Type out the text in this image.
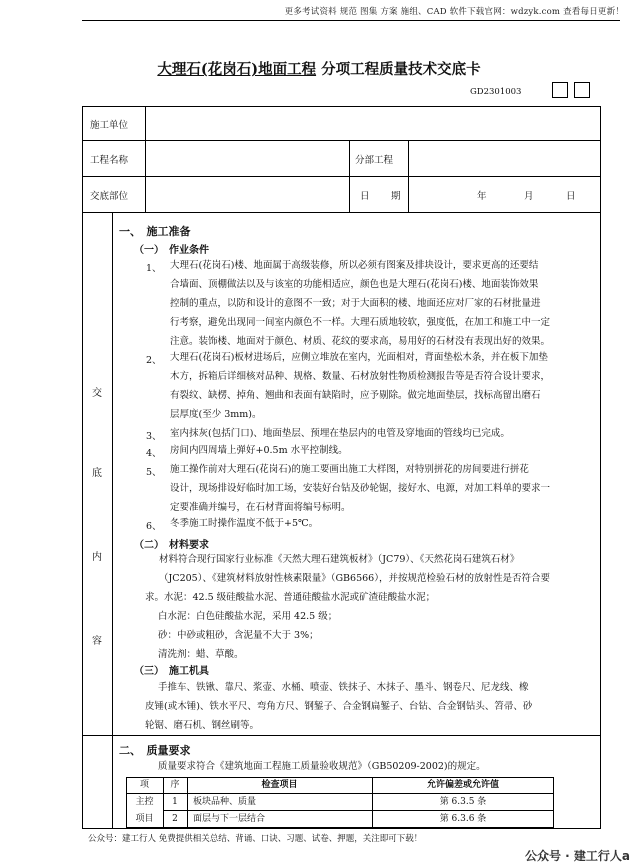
更多考试资料 规范 图集 方案 施组、CAD 软件下载官网：wdzyk.com 查看每日更新！
大理石(花岗石)地面工程 分项工程质量技术交底卡
GD2301003
施工单位
工程名称	分部工程
交底部位	日 期	年	月	日
交
底
内
容
一、　施工准备
（一）　作业条件
1、 大理石(花岗石)楼、地面属于高级装修，所以必须有图案及排块设计，要求更高的还要结
合墙面、顶棚做法以及与该室的功能相适应，颜色也是大理石(花岗石)楼、地面装饰效果
控制的重点，以防和设计的意图不一致；对于大面积的楼、地面还应对厂家的石材批量进
行考察，避免出现同一间室内颜色不一样。大理石质地较软，强度低，在加工和施工中一定
注意。装饰楼、地面对于颜色、材质、花纹的要求高，易用好的石材没有表现出好的效果。
2、 大理石(花岗石)板材进场后，应侧立堆放在室内，光面相对，背面垫松木条，并在板下加垫
木方，拆箱后详细核对品种、规格、数量、石材放射性物质检测报告等是否符合设计要求，
有裂纹、缺楞、掉角、翘曲和表面有缺陷时，应予剔除。做完地面垫层，找标高留出磨石
层厚度(至少 3mm)。
3、 室内抹灰(包括门口)、地面垫层、预埋在垫层内的电管及穿地面的管线均已完成。
4、 房间内四周墙上弹好+0.5m 水平控制线。
5、 施工操作前对大理石(花岗石)的施工要画出施工大样图，对特别拼花的房间要进行拼花
设计，现场排设好临时加工场，安装好台钻及砂轮锯，接好水、电源，对加工料单的要求一
定要准确并编号，在石材背面将编号标明。
6、 冬季施工时操作温度不低于+5℃。
（二）　材料要求
材料符合现行国家行业标准《天然大理石建筑板材》（JC79）、《天然花岗石建筑石材》
（JC205）、《建筑材料放射性核素限量》（GB6566），并按规范检验石材的放射性是否符合要
求。水泥：42.5 级硅酸盐水泥、普通硅酸盐水泥或矿渣硅酸盐水泥；
白水泥：白色硅酸盐水泥，采用 42.5 级；
砂：中砂或粗砂，含泥量不大于 3%；
清洗剂：蜡、草酸。
（三）　施工机具
手推车、铁锹、靠尺、浆壶、水桶、喷壶、铁抹子、木抹子、墨斗、钢卷尺、尼龙线、橡
皮锤(或木锤)、铁水平尺、弯角方尺、钢錾子、合金钢扁錾子、台钻、合金钢钻头、笤帚、砂
轮锯、磨石机、钢丝刷等。
二、　质量要求
质量要求符合《建筑地面工程施工质量验收规范》（GB50209-2002)的规定。
项	序	检查项目	允许偏差或允许值
主控
项目
1	板块品种、质量	第 6.3.5 条
2	面层与下一层结合	第 6.3.6 条
公众号：建工行人 免费提供相关总结、背诵、口诀、习题、试卷、押题，关注即可下载！
公众号 · 建工行人a
